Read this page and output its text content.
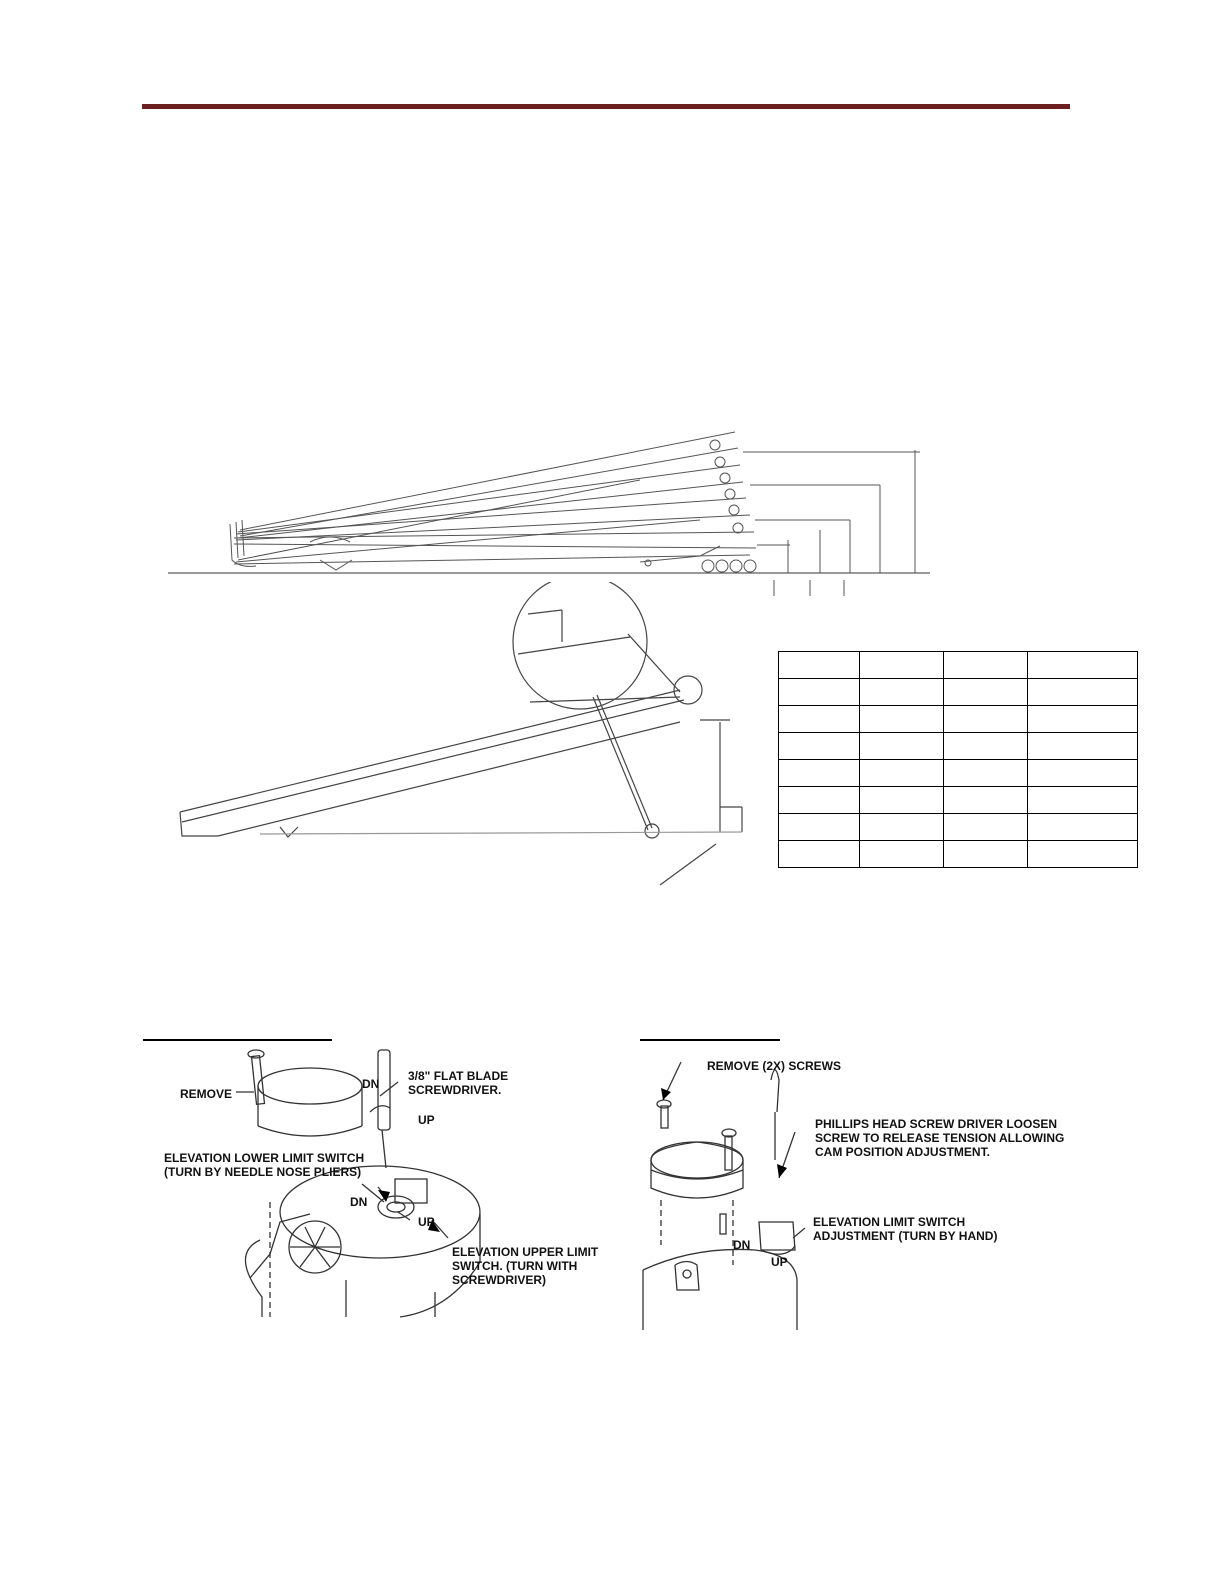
REMOVE
DN
UP
3/8" FLAT BLADE
SCREWDRIVER.
ELEVATION LOWER LIMIT SWITCH
(TURN BY NEEDLE NOSE PLIERS)
DN
UP
ELEVATION UPPER LIMIT
SWITCH. (TURN WITH
SCREWDRIVER)
REMOVE (2X) SCREWS
PHILLIPS HEAD SCREW DRIVER LOOSEN
SCREW TO RELEASE TENSION ALLOWING
CAM POSITION ADJUSTMENT.
ELEVATION LIMIT SWITCH
ADJUSTMENT (TURN BY HAND)
DN
UP
